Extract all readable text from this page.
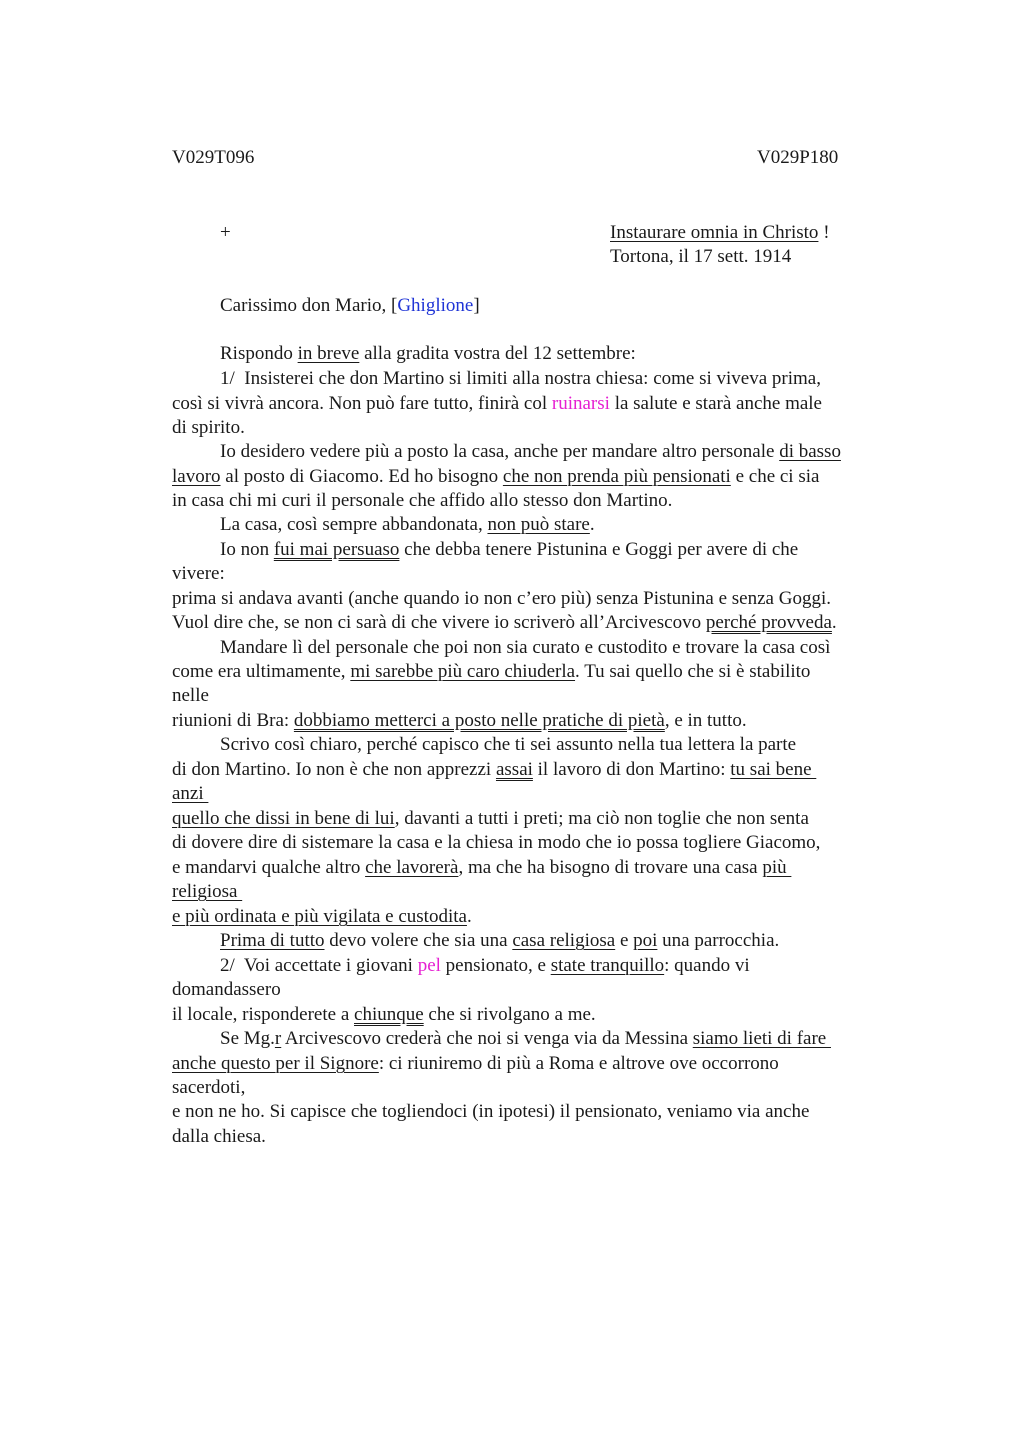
V029T096	V029P180
+	Instaurare omnia in Christo !
Tortona, il 17 sett. 1914
Carissimo don Mario, [Ghiglione]
Rispondo in breve alla gradita vostra del 12 settembre:
1/  Insisterei che don Martino si limiti alla nostra chiesa: come si viveva prima,
così si vivrà ancora. Non può fare tutto, finirà col ruinarsi la salute e starà anche male
di spirito.
Io desidero vedere più a posto la casa, anche per mandare altro personale di basso
lavoro al posto di Giacomo. Ed ho bisogno che non prenda più pensionati e che ci sia
in casa chi mi curi il personale che affido allo stesso don Martino.
La casa, così sempre abbandonata, non può stare.
Io non fui mai persuaso che debba tenere Pistunina e Goggi per avere di che
vivere:
prima si andava avanti (anche quando io non c’ero più) senza Pistunina e senza Goggi.
Vuol dire che, se non ci sarà di che vivere io scriverò all’Arcivescovo perché provveda.
Mandare lì del personale che poi non sia curato e custodito e trovare la casa così
come era ultimamente, mi sarebbe più caro chiuderla. Tu sai quello che si è stabilito
nelle
riunioni di Bra: dobbiamo metterci a posto nelle pratiche di pietà, e in tutto.
Scrivo così chiaro, perché capisco che ti sei assunto nella tua lettera la parte
di don Martino. Io non è che non apprezzi assai il lavoro di don Martino: tu sai bene
anzi
quello che dissi in bene di lui, davanti a tutti i preti; ma ciò non toglie che non senta
di dovere dire di sistemare la casa e la chiesa in modo che io possa togliere Giacomo,
e mandarvi qualche altro che lavorerà, ma che ha bisogno di trovare una casa più
religiosa
e più ordinata e più vigilata e custodita.
Prima di tutto devo volere che sia una casa religiosa e poi una parrocchia.
2/  Voi accettate i giovani pel pensionato, e state tranquillo: quando vi
domandassero
il locale, risponderete a chiunque che si rivolgano a me.
Se Mg.r Arcivescovo crederà che noi si venga via da Messina siamo lieti di fare
anche questo per il Signore: ci riuniremo di più a Roma e altrove ove occorrono
sacerdoti,
e non ne ho. Si capisce che togliendoci (in ipotesi) il pensionato, veniamo via anche
dalla chiesa.
